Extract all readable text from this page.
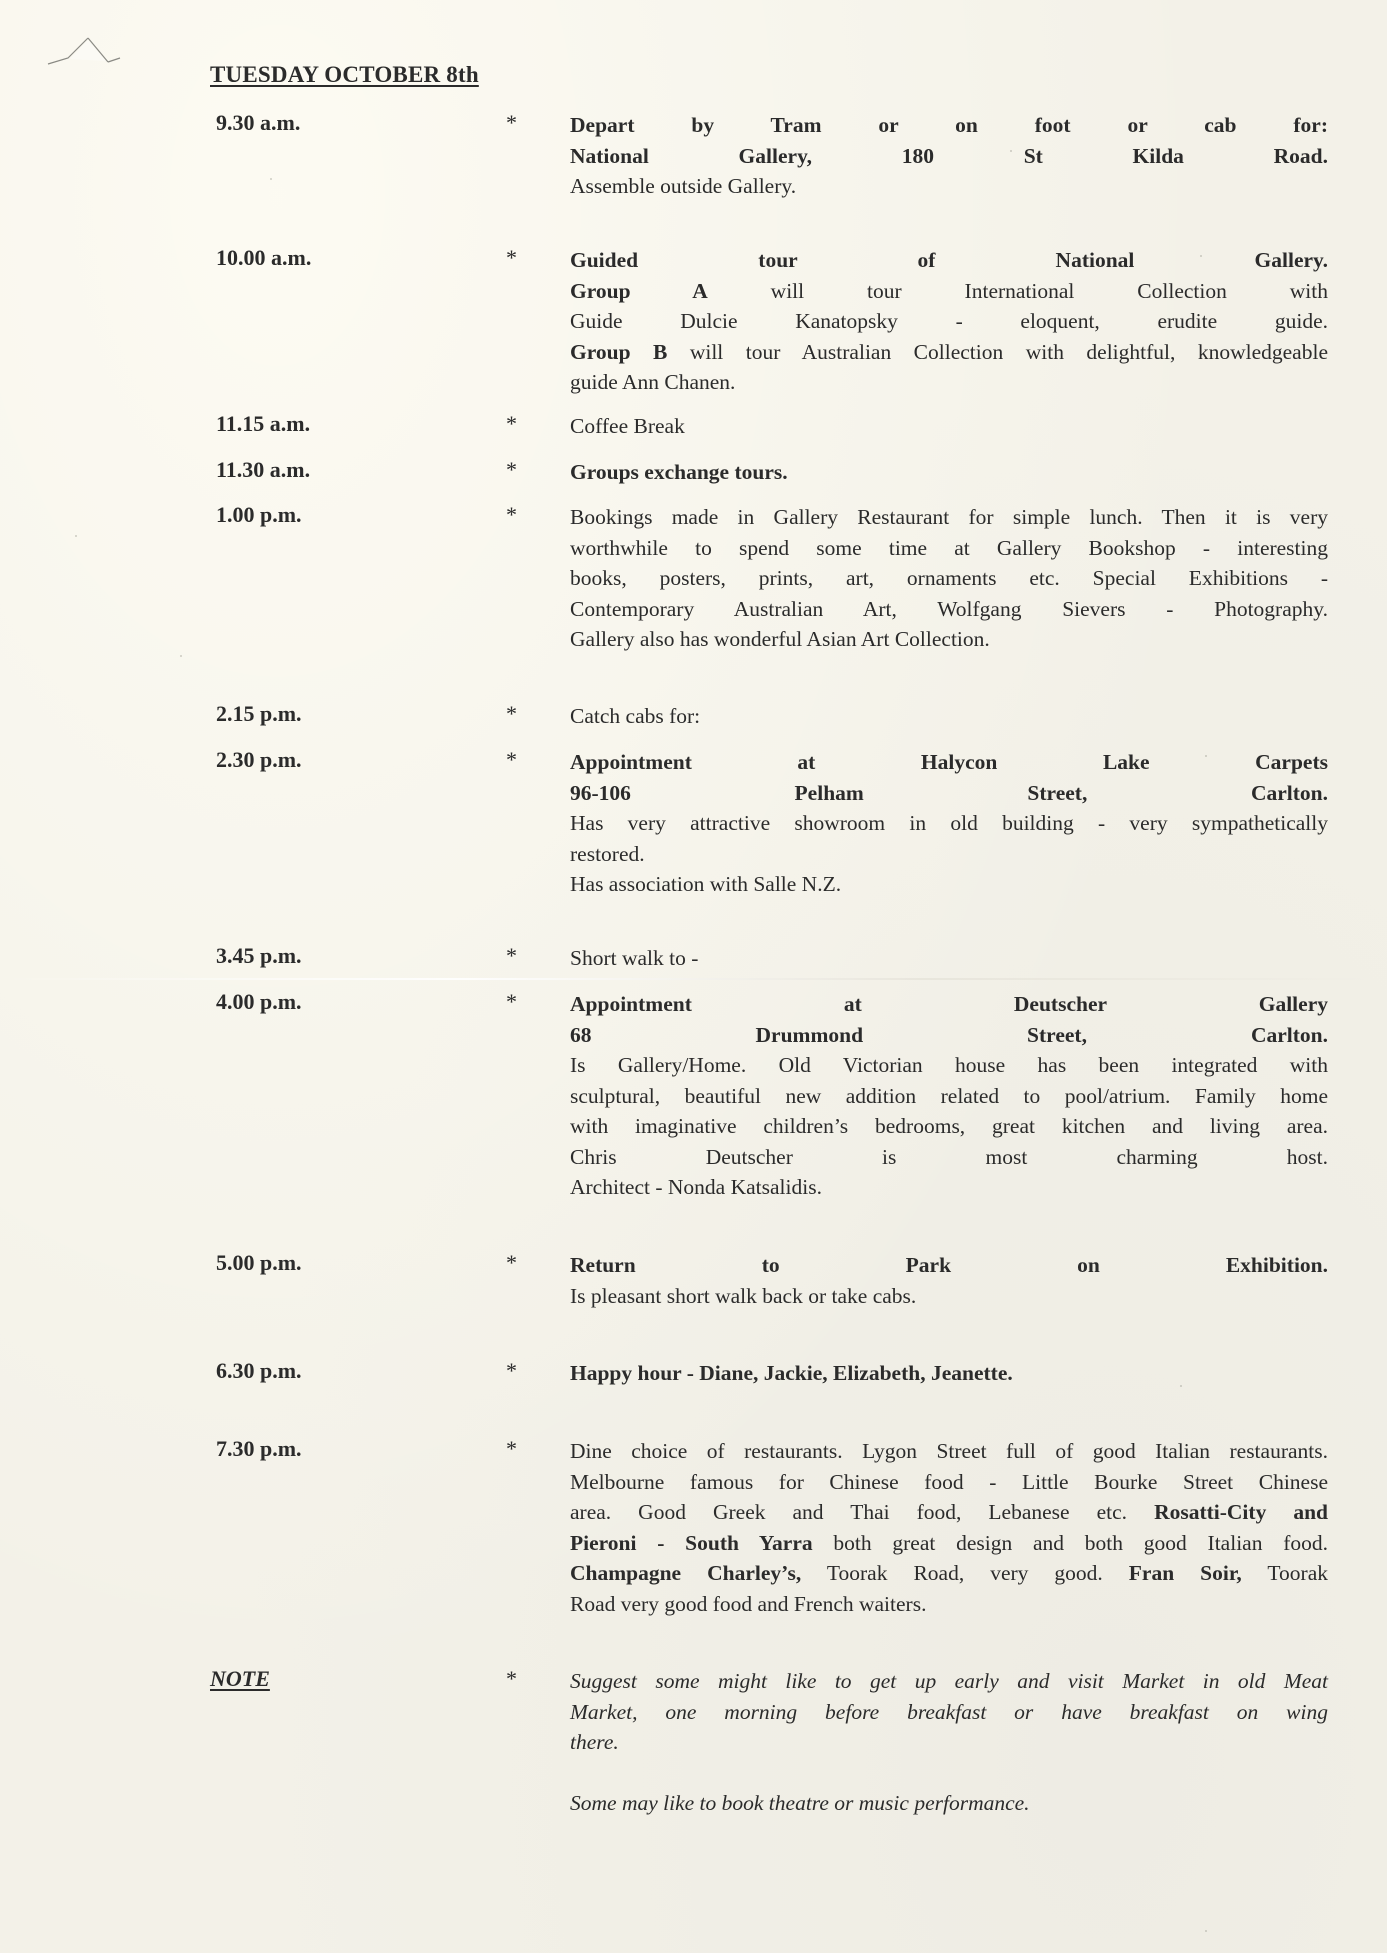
TUESDAY OCTOBER 8th
9.30 a.m.	* Depart by Tram or on foot or cab for:
National Gallery, 180 St Kilda Road.
Assemble outside Gallery.
10.00 a.m.	* Guided tour of National Gallery.
Group A will tour International Collection with
Guide Dulcie Kanatopsky - eloquent, erudite guide.
Group B will tour Australian Collection with delightful, knowledgeable
guide Ann Chanen.
11.15 a.m.	* Coffee Break
11.30 a.m.	* Groups exchange tours.
1.00 p.m.	* Bookings made in Gallery Restaurant for simple lunch. Then it is very
worthwhile to spend some time at Gallery Bookshop - interesting
books, posters, prints, art, ornaments etc. Special Exhibitions -
Contemporary Australian Art, Wolfgang Sievers - Photography.
Gallery also has wonderful Asian Art Collection.
2.15 p.m.	* Catch cabs for:
2.30 p.m.	* Appointment at Halycon Lake Carpets
96-106 Pelham Street, Carlton.
Has very attractive showroom in old building - very sympathetically
restored.
Has association with Salle N.Z.
3.45 p.m.	* Short walk to -
4.00 p.m.	* Appointment at Deutscher Gallery
68 Drummond Street, Carlton.
Is Gallery/Home. Old Victorian house has been integrated with
sculptural, beautiful new addition related to pool/atrium. Family home
with imaginative children’s bedrooms, great kitchen and living area.
Chris Deutscher is most charming host.
Architect - Nonda Katsalidis.
5.00 p.m.	* Return to Park on Exhibition.
Is pleasant short walk back or take cabs.
6.30 p.m.	* Happy hour - Diane, Jackie, Elizabeth, Jeanette.
7.30 p.m.	* Dine choice of restaurants. Lygon Street full of good Italian restaurants.
Melbourne famous for Chinese food - Little Bourke Street Chinese
area. Good Greek and Thai food, Lebanese etc. Rosatti-City and
Pieroni - South Yarra both great design and both good Italian food.
Champagne Charley’s, Toorak Road, very good. Fran Soir, Toorak
Road very good food and French waiters.
NOTE	* Suggest some might like to get up early and visit Market in old Meat
Market, one morning before breakfast or have breakfast on wing
there.
Some may like to book theatre or music performance.
